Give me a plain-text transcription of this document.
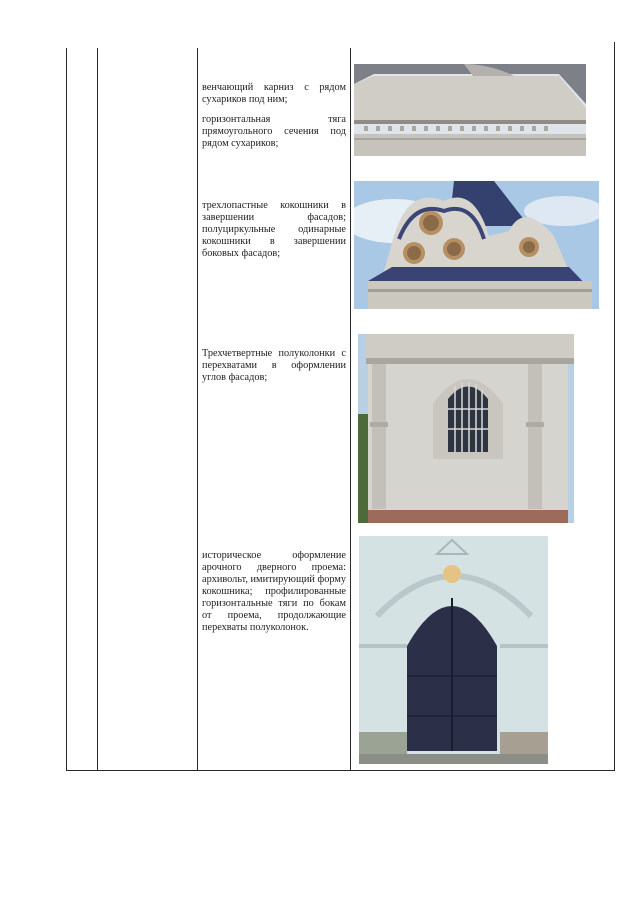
венчающий карниз с рядом сухариков под ним;

горизонтальная тяга прямоугольного сечения под рядом сухариков;

трехлопастные кокошники в завершении фасадов; полуциркульные одинарные кокошники в завершении боковых фасадов;

Трехчетвертные полуколонки с перехватами в оформлении углов фасадов;

историческое оформление арочного дверного проема: архивольт, имитирующий форму кокошника; профилированные горизонтальные тяги по бокам от проема, продолжающие перехваты полуколонок.
